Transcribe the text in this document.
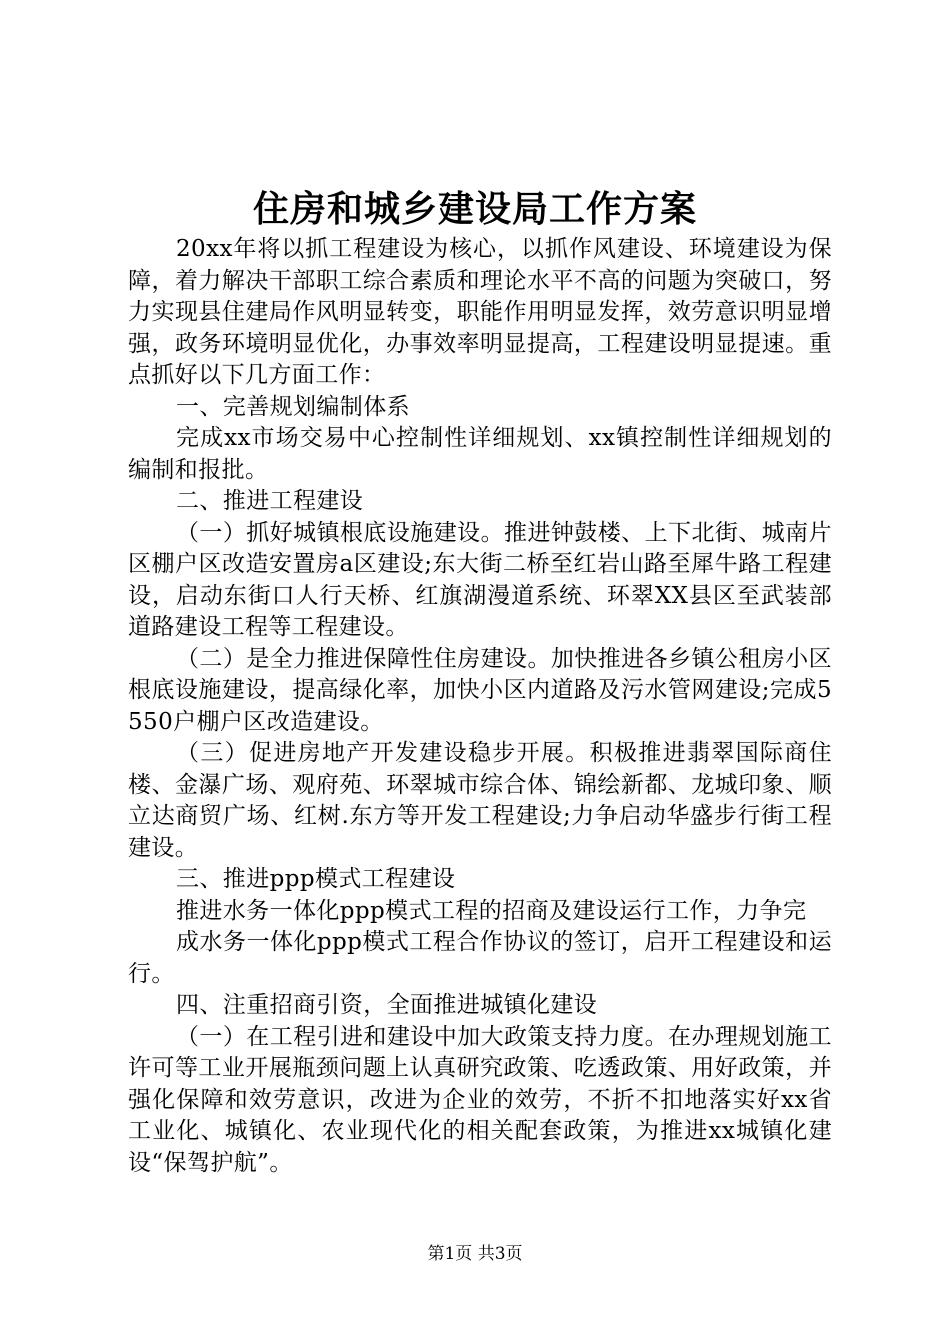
住房和城乡建设局工作方案

20xx年将以抓工程建设为核心，以抓作风建设、环境建设为保障，着力解决干部职工综合素质和理论水平不高的问题为突破口，努力实现县住建局作风明显转变，职能作用明显发挥，效劳意识明显增强，政务环境明显优化，办事效率明显提高，工程建设明显提速。重点抓好以下几方面工作：

一、完善规划编制体系

完成xx市场交易中心控制性详细规划、xx镇控制性详细规划的编制和报批。

二、推进工程建设

（一）抓好城镇根底设施建设。推进钟鼓楼、上下北街、城南片区棚户区改造安置房a区建设;东大街二桥至红岩山路至犀牛路工程建设，启动东街口人行天桥、红旗湖漫道系统、环翠XX县区至武装部道路建设工程等工程建设。

（二）是全力推进保障性住房建设。加快推进各乡镇公租房小区根底设施建设，提高绿化率，加快小区内道路及污水管网建设;完成5550户棚户区改造建设。

（三）促进房地产开发建设稳步开展。积极推进翡翠国际商住楼、金瀑广场、观府苑、环翠城市综合体、锦绘新都、龙城印象、顺立达商贸广场、红树.东方等开发工程建设;力争启动华盛步行街工程建设。

三、推进ppp模式工程建设

推进水务一体化ppp模式工程的招商及建设运行工作，力争完

成水务一体化ppp模式工程合作协议的签订，启开工程建设和运行。

四、注重招商引资，全面推进城镇化建设

（一）在工程引进和建设中加大政策支持力度。在办理规划施工许可等工业开展瓶颈问题上认真研究政策、吃透政策、用好政策，并强化保障和效劳意识，改进为企业的效劳，不折不扣地落实好xx省工业化、城镇化、农业现代化的相关配套政策，为推进xx城镇化建设“保驾护航”。

第1页 共3页
